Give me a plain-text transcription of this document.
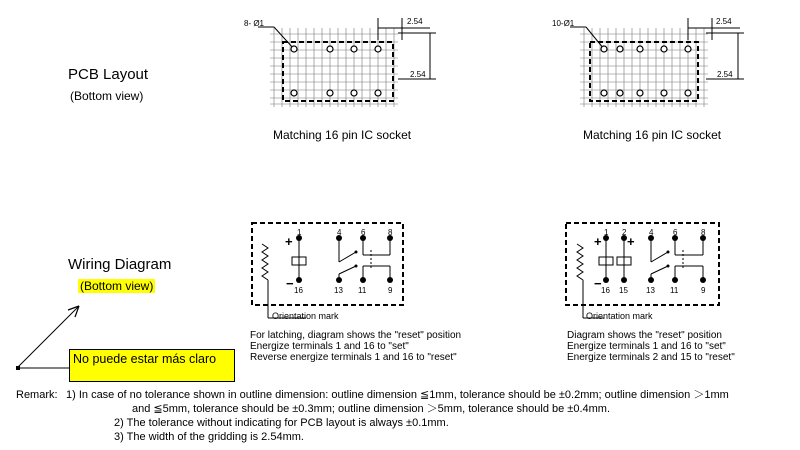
PCB Layout
(Bottom view)
8- Ø1	2.54
2.54
Matching 16 pin IC socket
10-Ø1	2.54
2.54
Matching 16 pin IC socket
Wiring Diagram
(Bottom view)
1	4 6	8
16	13 11	9
+
−
Orientation mark
For latching, diagram shows the "reset" position
Energize terminals 1 and 16 to "set"
Reverse energize terminals 1 and 16 to "reset"
1 2	4 6	8
16 15 13 11	9
+ +
−
Orientation mark
Diagram shows the "reset" position
Energize terminals 1 and 16 to "set"
Energize terminals 2 and 15 to "reset"
No puede estar más claro
Remark: 1) In case of no tolerance shown in outline dimension: outline dimension ≦1mm, tolerance should be ±0.2mm; outline dimension ＞1mm
and ≦5mm, tolerance should be ±0.3mm; outline dimension ＞5mm, tolerance should be ±0.4mm.
2) The tolerance without indicating for PCB layout is always ±0.1mm.
3) The width of the gridding is 2.54mm.
